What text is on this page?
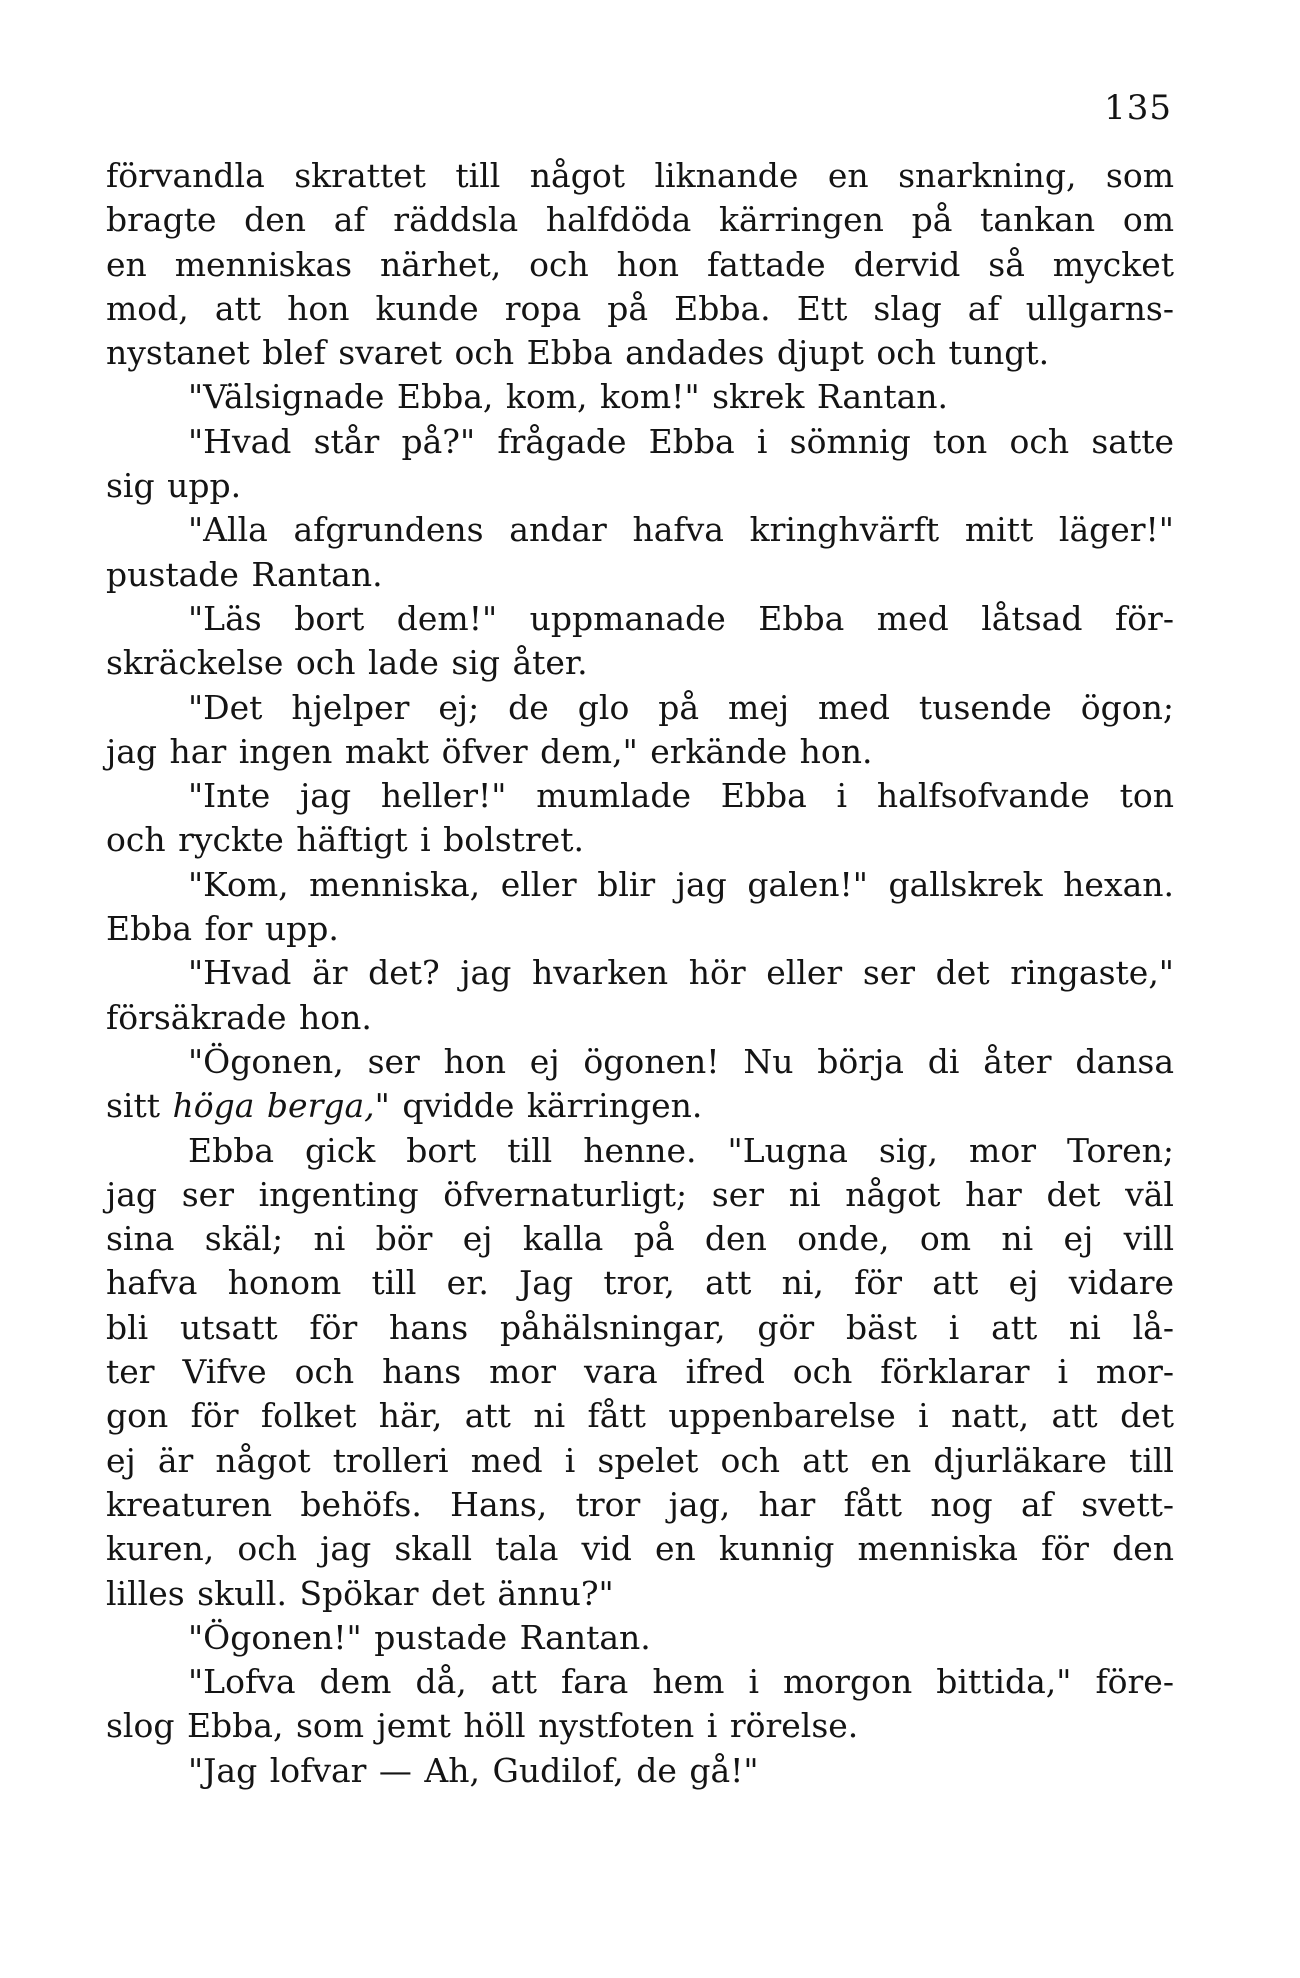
135

förvandla skrattet till något liknande en snarkning, som
bragte den af räddsla halfdöda kärringen på tankan om
en menniskas närhet, och hon fattade dervid så mycket
mod, att hon kunde ropa på Ebba. Ett slag af ullgarns-
nystanet blef svaret och Ebba andades djupt och tungt.
"Välsignade Ebba, kom, kom!" skrek Rantan.
"Hvad står på?" frågade Ebba i sömnig ton och satte
sig upp.
"Alla afgrundens andar hafva kringhvärft mitt läger!"
pustade Rantan.
"Läs bort dem!" uppmanade Ebba med låtsad för-
skräckelse och lade sig åter.
"Det hjelper ej; de glo på mej med tusende ögon;
jag har ingen makt öfver dem," erkände hon.
"Inte jag heller!" mumlade Ebba i halfsofvande ton
och ryckte häftigt i bolstret.
"Kom, menniska, eller blir jag galen!" gallskrek hexan.
Ebba for upp.
"Hvad är det? jag hvarken hör eller ser det ringaste,"
försäkrade hon.
"Ögonen, ser hon ej ögonen! Nu börja di åter dansa
sitt höga berga," qvidde kärringen.
Ebba gick bort till henne. "Lugna sig, mor Toren;
jag ser ingenting öfvernaturligt; ser ni något har det väl
sina skäl; ni bör ej kalla på den onde, om ni ej vill
hafva honom till er. Jag tror, att ni, för att ej vidare
bli utsatt för hans påhälsningar, gör bäst i att ni lå-
ter Vifve och hans mor vara ifred och förklarar i mor-
gon för folket här, att ni fått uppenbarelse i natt, att det
ej är något trolleri med i spelet och att en djurläkare till
kreaturen behöfs. Hans, tror jag, har fått nog af svett-
kuren, och jag skall tala vid en kunnig menniska för den
lilles skull. Spökar det ännu?"
"Ögonen!" pustade Rantan.
"Lofva dem då, att fara hem i morgon bittida," före-
slog Ebba, som jemt höll nystfoten i rörelse.
"Jag lofvar — Ah, Gudilof, de gå!"
